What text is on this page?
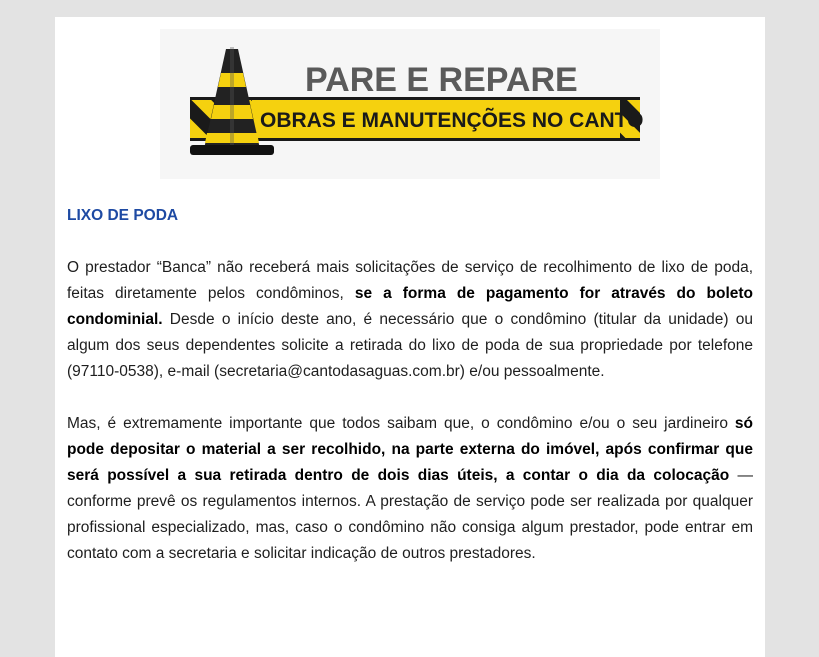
PARE E REPARE
OBRAS E MANUTENÇÕES NO CANTO
LIXO DE PODA

O prestador “Banca” não receberá mais solicitações de serviço de recolhimento de lixo de poda, feitas diretamente pelos condôminos, se a forma de pagamento for através do boleto condominial. Desde o início deste ano, é necessário que o condômino (titular da unidade) ou algum dos seus dependentes solicite a retirada do lixo de poda de sua propriedade por telefone (97110-0538), e-mail (secretaria@cantodasaguas.com.br) e/ou pessoalmente.

Mas, é extremamente importante que todos saibam que, o condômino e/ou o seu jardineiro só pode depositar o material a ser recolhido, na parte externa do imóvel, após confirmar que será possível a sua retirada dentro de dois dias úteis, a contar o dia da colocação — conforme prevê os regulamentos internos. A prestação de serviço pode ser realizada por qualquer profissional especializado, mas, caso o condômino não consiga algum prestador, pode entrar em contato com a secretaria e solicitar indicação de outros prestadores.
